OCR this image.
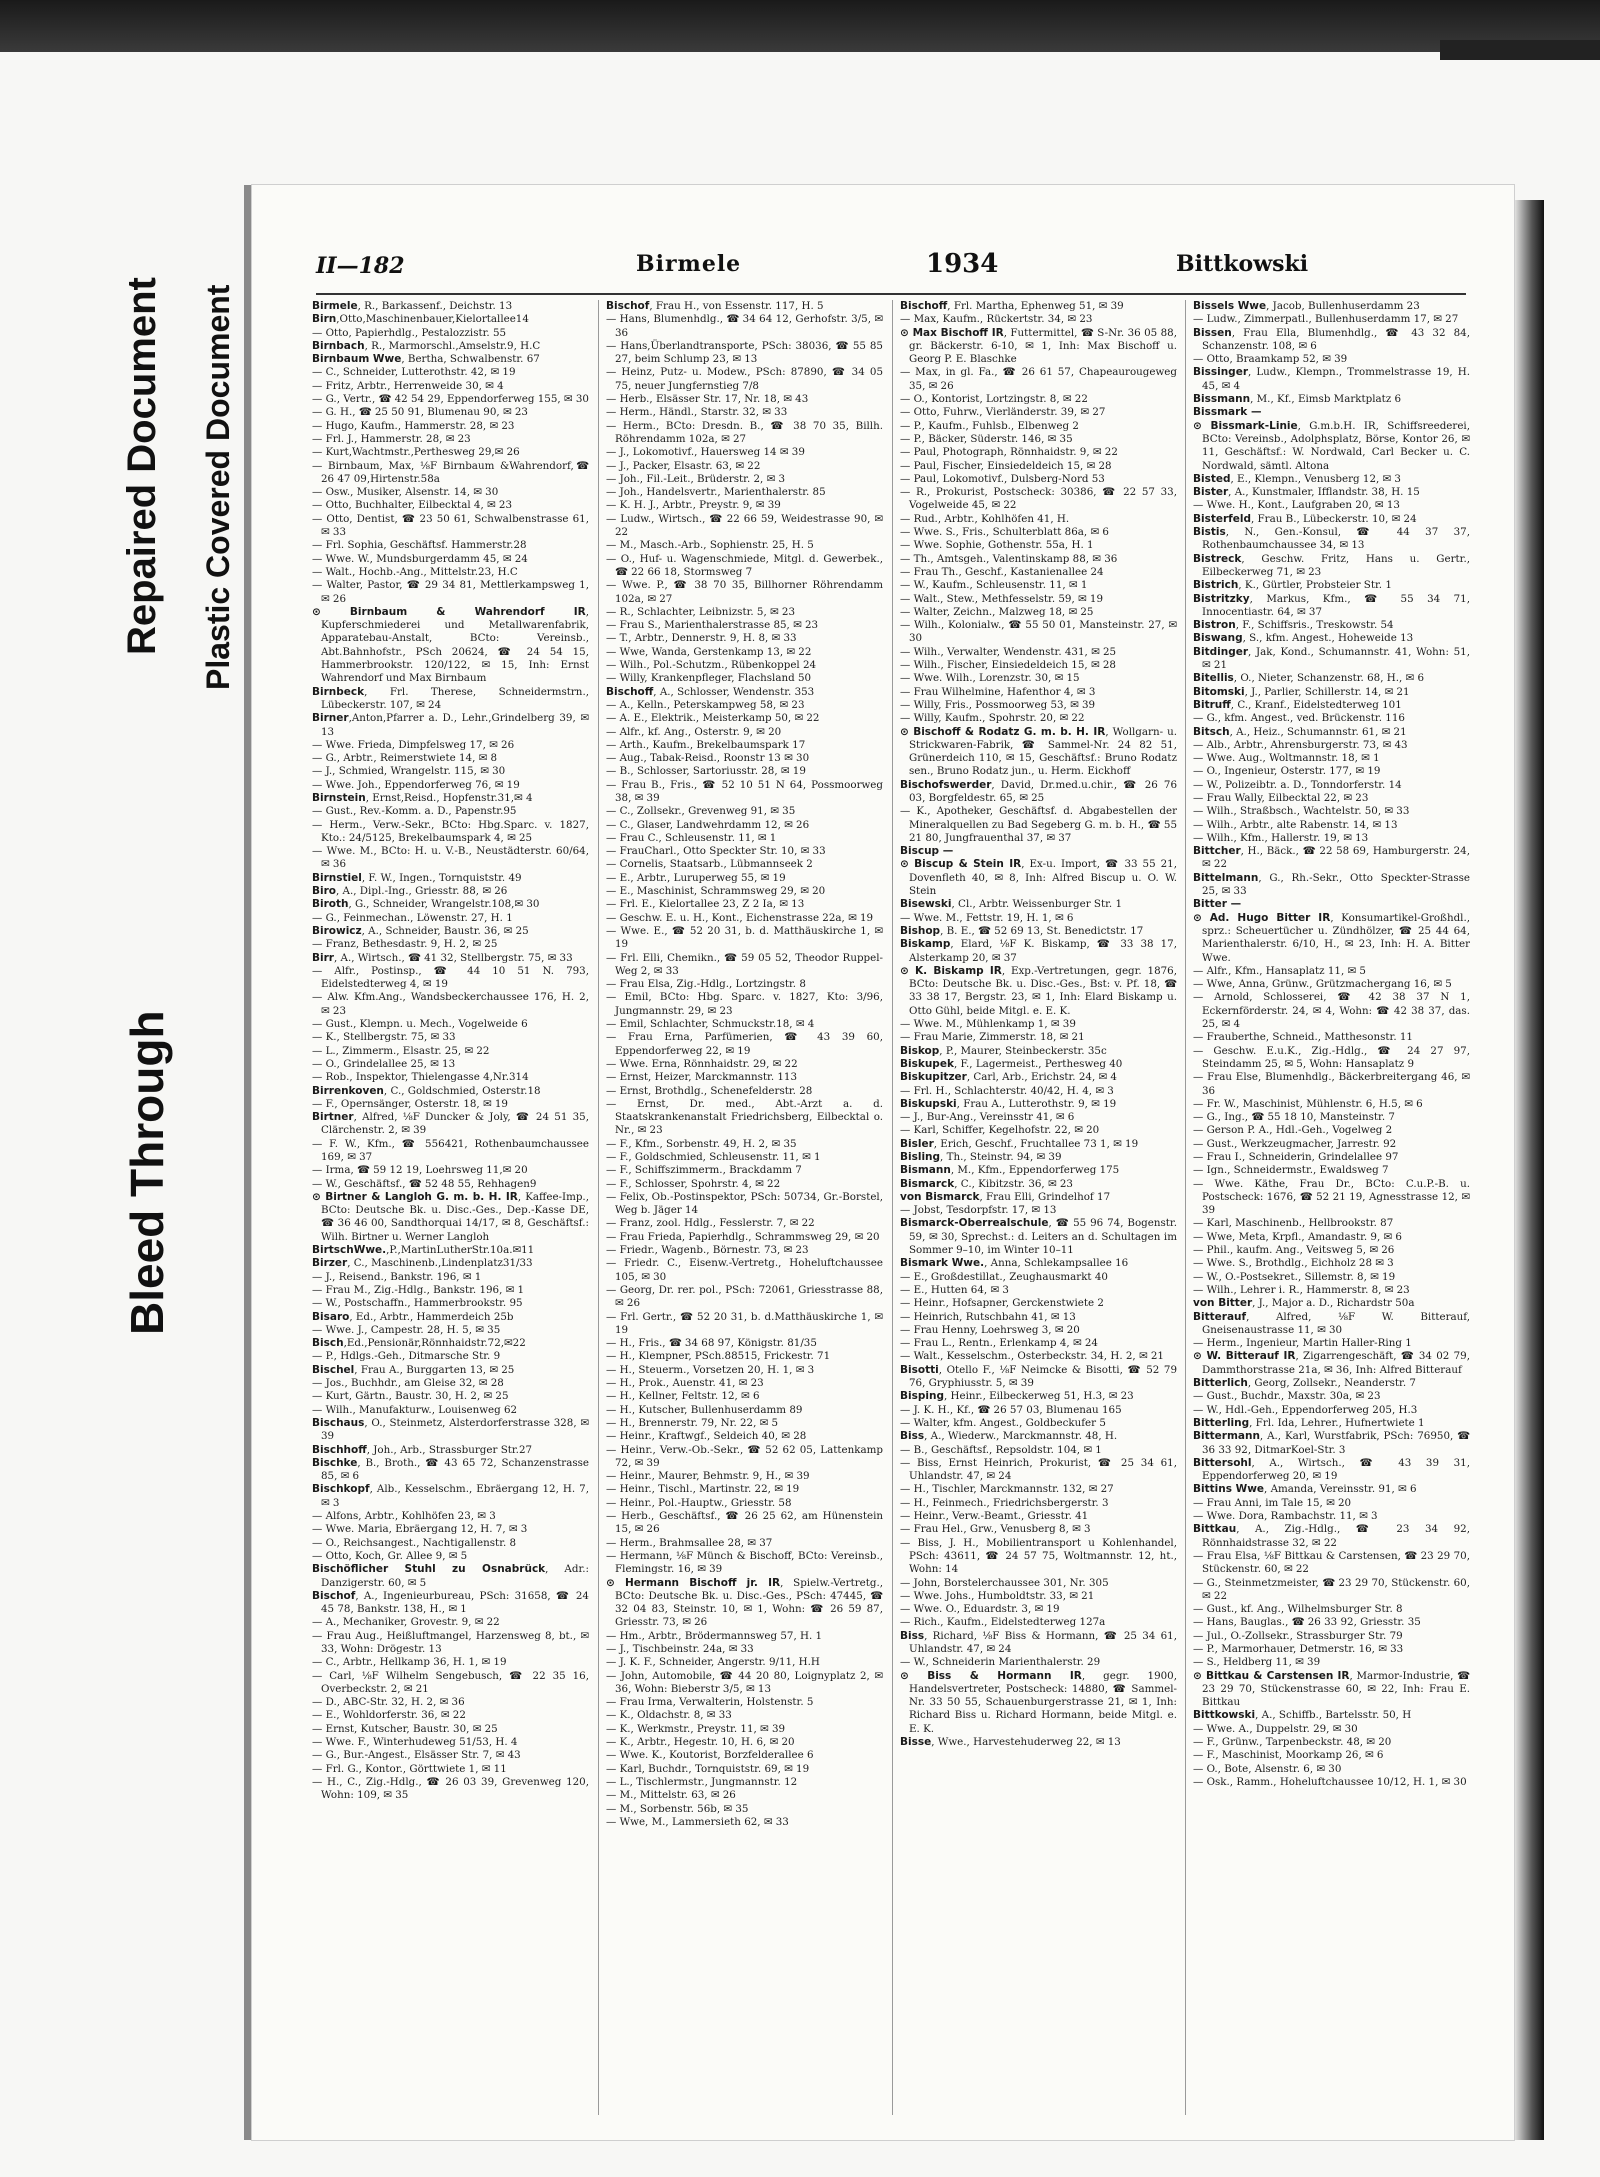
Bleed Through
Repaired Document Plastic Covered Document
II—182	Birmele	1934	Bittkowski

Birmele, R., Barkassenf., Deichstr. 13

Birn,Otto,Maschinenbauer,Kielortallee14

— Otto, Papierhdlg., Pestalozzistr. 55

Birnbach, R., Marmorschl.,Amselstr.9, H.C

Birnbaum Wwe, Bertha, Schwalbenstr. 67

— C., Schneider, Lutterothstr. 42, ✉ 19

— Fritz, Arbtr., Herrenweide 30, ✉ 4

— G., Vertr., ☎ 42 54 29, Eppendorferweg 155, ✉ 30

— G. H., ☎ 25 50 91, Blumenau 90, ✉ 23

— Hugo, Kaufm., Hammerstr. 28, ✉ 23

— Frl. J., Hammerstr. 28, ✉ 23

— Kurt,Wachtmstr.,Perthesweg 29,✉ 26

— Birnbaum, Max, ⅛F Birnbaum &Wahrendorf,☎ 26 47 09,Hirtenstr.58a

— Osw., Musiker, Alsenstr. 14, ✉ 30

— Otto, Buchhalter, Eilbecktal 4, ✉ 23

— Otto, Dentist, ☎ 23 50 61, Schwalbenstrasse 61, ✉ 33

— Frl. Sophia, Geschäftsf. Hammerstr.28

— Wwe. W., Mundsburgerdamm 45, ✉ 24

— Walt., Hochb.-Ang., Mittelstr.23, H.C

— Walter, Pastor, ☎ 29 34 81, Mettlerkampsweg 1, ✉ 26

⊙ Birnbaum & Wahrendorf IR, Kupferschmiederei und Metallwarenfabrik, Apparatebau-Anstalt, BCto: Vereinsb., Abt.Bahnhofstr., PSch 20624, ☎ 24 54 15, Hammerbrookstr. 120/122, ✉ 15, Inh: Ernst Wahrendorf und Max Birnbaum

Birnbeck, Frl. Therese, Schneidermstrn., Lübeckerstr. 107, ✉ 24

Birner,Anton,Pfarrer a. D., Lehr.,Grindelberg 39, ✉ 13

— Wwe. Frieda, Dimpfelsweg 17, ✉ 26

— G., Arbtr., Reimerstwiete 14, ✉ 8

— J., Schmied, Wrangelstr. 115, ✉ 30

— Wwe. Joh., Eppendorferweg 76, ✉ 19

Birnstein, Ernst,Reisd., Hopfenstr.31,✉ 4

— Gust., Rev.-Komm. a. D., Papenstr.95

— Herm., Verw.-Sekr., BCto: Hbg.Sparc. v. 1827, Kto.: 24/5125, Brekelbaumspark 4, ✉ 25

— Wwe. M., BCto: H. u. V.-B., Neustädterstr. 60/64, ✉ 36

Birnstiel, F. W., Ingen., Tornquiststr. 49

Biro, A., Dipl.-Ing., Griesstr. 88, ✉ 26

Biroth, G., Schneider, Wrangelstr.108,✉ 30

— G., Feinmechan., Löwenstr. 27, H. 1

Birowicz, A., Schneider, Baustr. 36, ✉ 25

— Franz, Bethesdastr. 9, H. 2, ✉ 25

Birr, A., Wirtsch., ☎ 41 32, Stellbergstr. 75, ✉ 33

— Alfr., Postinsp., ☎ 44 10 51 N. 793, Eidelstedterweg 4, ✉ 19

— Alw. Kfm.Ang., Wandsbeckerchaussee 176, H. 2, ✉ 23

— Gust., Klempn. u. Mech., Vogelweide 6

— K., Stellbergstr. 75, ✉ 33

— L., Zimmerm., Elsastr. 25, ✉ 22

— O., Grindelallee 25, ✉ 13

— Rob., Inspektor, Thielengasse 4,Nr.314

Birrenkoven, C., Goldschmied, Osterstr.18

— F., Opernsänger, Osterstr. 18, ✉ 19

Birtner, Alfred, ⅛F Duncker & Joly, ☎ 24 51 35, Clärchenstr. 2, ✉ 39

— F. W., Kfm., ☎ 556421, Rothenbaumchaussee 169, ✉ 37

— Irma, ☎ 59 12 19, Loehrsweg 11,✉ 20

— W., Geschäftsf., ☎ 52 48 55, Rehhagen9

⊙ Birtner & Langloh G. m. b. H. IR, Kaffee-Imp., BCto: Deutsche Bk. u. Disc.-Ges., Dep.-Kasse DE, ☎ 36 46 00, Sandthorquai 14/17, ✉ 8, Geschäftsf.: Wilh. Birtner u. Werner Langloh

BirtschWwe.,P.,MartinLutherStr.10a.✉11

Birzer, C., Maschinenb.,Lindenplatz31/33

— J., Reisend., Bankstr. 196, ✉ 1

— Frau M., Zig.-Hdlg., Bankstr. 196, ✉ 1

— W., Postschaffn., Hammerbrookstr. 95

Bisaro, Ed., Arbtr., Hammerdeich 25b

— Wwe. J., Campestr. 28, H. 5, ✉ 35

Bisch,Ed.,Pensionär,Rönnhaidstr.72,✉22

— P., Hdlgs.-Geh., Ditmarsche Str. 9

Bischel, Frau A., Burggarten 13, ✉ 25

— Jos., Buchhdr., am Gleise 32, ✉ 28

— Kurt, Gärtn., Baustr. 30, H. 2, ✉ 25

— Wilh., Manufakturw., Louisenweg 62

Bischaus, O., Steinmetz, Alsterdorferstrasse 328, ✉ 39

Bischhoff, Joh., Arb., Strassburger Str.27

Bischke, B., Broth., ☎ 43 65 72, Schanzenstrasse 85, ✉ 6

Bischkopf, Alb., Kesselschm., Ebräergang 12, H. 7, ✉ 3

— Alfons, Arbtr., Kohlhöfen 23, ✉ 3

— Wwe. Maria, Ebräergang 12, H. 7, ✉ 3

— O., Reichsangest., Nachtigallenstr. 8

— Otto, Koch, Gr. Allee 9, ✉ 5

Bischöflicher Stuhl zu Osnabrück, Adr.: Danzigerstr. 60, ✉ 5

Bischof, A., Ingenieurbureau, PSch: 31658, ☎ 24 45 78, Bankstr. 138, H., ✉ 1

— A., Mechaniker, Grovestr. 9, ✉ 22

— Frau Aug., Heißluftmangel, Harzensweg 8, bt., ✉ 33, Wohn: Drögestr. 13

— C., Arbtr., Hellkamp 36, H. 1, ✉ 19

— Carl, ⅛F Wilhelm Sengebusch, ☎ 22 35 16, Overbeckstr. 2, ✉ 21

— D., ABC-Str. 32, H. 2, ✉ 36

— E., Wohldorferstr. 36, ✉ 22

— Ernst, Kutscher, Baustr. 30, ✉ 25

— Wwe. F., Winterhudeweg 51/53, H. 4

— G., Bur.-Angest., Elsässer Str. 7, ✉ 43

— Frl. G., Kontor., Görttwiete 1, ✉ 11

— H., C., Zig.-Hdlg., ☎ 26 03 39, Grevenweg 120, Wohn: 109, ✉ 35

Bischof, Frau H., von Essenstr. 117, H. 5

— Hans, Blumenhdlg., ☎ 34 64 12, Gerhofstr. 3/5, ✉ 36

— Hans,Überlandtransporte, PSch: 38036, ☎ 55 85 27, beim Schlump 23, ✉ 13

— Heinz, Putz- u. Modew., PSch: 87890, ☎ 34 05 75, neuer Jungfernstieg 7/8

— Herb., Elsässer Str. 17, Nr. 18, ✉ 43

— Herm., Händl., Starstr. 32, ✉ 33

— Herm., BCto: Dresdn. B., ☎ 38 70 35, Billh. Röhrendamm 102a, ✉ 27

— J., Lokomotivf., Hauersweg 14 ✉ 39

— J., Packer, Elsastr. 63, ✉ 22

— Joh., Fil.-Leit., Brüderstr. 2, ✉ 3

— Joh., Handelsvertr., Marienthalerstr. 85

— K. H. J., Arbtr., Preystr. 9, ✉ 39

— Ludw., Wirtsch., ☎ 22 66 59, Weidestrasse 90, ✉ 22

— M., Masch.-Arb., Sophienstr. 25, H. 5

— O., Huf- u. Wagenschmiede, Mitgl. d. Gewerbek., ☎ 22 66 18, Stormsweg 7

— Wwe. P., ☎ 38 70 35, Billhorner Röhrendamm 102a, ✉ 27

— R., Schlachter, Leibnizstr. 5, ✉ 23

— Frau S., Marienthalerstrasse 85, ✉ 23

— T., Arbtr., Dennerstr. 9, H. 8, ✉ 33

— Wwe, Wanda, Gerstenkamp 13, ✉ 22

— Wilh., Pol.-Schutzm., Rübenkoppel 24

— Willy, Krankenpfleger, Flachsland 50

Bischoff, A., Schlosser, Wendenstr. 353

— A., Kelln., Peterskampweg 58, ✉ 23

— A. E., Elektrik., Meisterkamp 50, ✉ 22

— Alfr., kf. Ang., Osterstr. 9, ✉ 20

— Arth., Kaufm., Brekelbaumspark 17

— Aug., Tabak-Reisd., Roonstr 13 ✉ 30

— B., Schlosser, Sartoriusstr. 28, ✉ 19

— Frau B., Fris., ☎ 52 10 51 N 64, Possmoorweg 38, ✉ 39

— C., Zollsekr., Grevenweg 91, ✉ 35

— C., Glaser, Landwehrdamm 12, ✉ 26

— Frau C., Schleusenstr. 11, ✉ 1

— FrauCharl., Otto Speckter Str. 10, ✉ 33

— Cornelis, Staatsarb., Lübmannseek 2

— E., Arbtr., Luruperweg 55, ✉ 19

— E., Maschinist, Schrammsweg 29, ✉ 20

— Frl. E., Kielortallee 23, Z 2 Ia, ✉ 13

— Geschw. E. u. H., Kont., Eichenstrasse 22a, ✉ 19

— Wwe. E., ☎ 52 20 31, b. d. Matthäuskirche 1, ✉ 19

— Frl. Elli, Chemikn., ☎ 59 05 52, Theodor Ruppel-Weg 2, ✉ 33

— Frau Elsa, Zig.-Hdlg., Lortzingstr. 8

— Emil, BCto: Hbg. Sparc. v. 1827, Kto: 3/96, Jungmannstr. 29, ✉ 23

— Emil, Schlachter, Schmuckstr.18, ✉ 4

— Frau Erna, Parfümerien, ☎ 43 39 60, Eppendorferweg 22, ✉ 19

— Wwe. Erna, Rönnhaidstr. 29, ✉ 22

— Ernst, Heizer, Marckmannstr. 113

— Ernst, Brothdlg., Schenefelderstr. 28

— Ernst, Dr. med., Abt.-Arzt a. d. Staatskrankenanstalt Friedrichsberg, Eilbecktal o. Nr., ✉ 23

— F., Kfm., Sorbenstr. 49, H. 2, ✉ 35

— F., Goldschmied, Schleusenstr. 11, ✉ 1

— F., Schiffszimmerm., Brackdamm 7

— F., Schlosser, Spohrstr. 4, ✉ 22

— Felix, Ob.-Postinspektor, PSch: 50734, Gr.-Borstel, Weg b. Jäger 14

— Franz, zool. Hdlg., Fesslerstr. 7, ✉ 22

— Frau Frieda, Papierhdlg., Schrammsweg 29, ✉ 20

— Friedr., Wagenb., Börnestr. 73, ✉ 23

— Friedr. C., Eisenw.-Vertretg., Hoheluftchaussee 105, ✉ 30

— Georg, Dr. rer. pol., PSch: 72061, Griesstrasse 88, ✉ 26

— Frl. Gertr., ☎ 52 20 31, b. d.Matthäuskirche 1, ✉ 19

— H., Fris., ☎ 34 68 97, Königstr. 81/35

— H., Klempner, PSch.88515, Frickestr. 71

— H., Steuerm., Vorsetzen 20, H. 1, ✉ 3

— H., Prok., Auenstr. 41, ✉ 23

— H., Kellner, Feltstr. 12, ✉ 6

— H., Kutscher, Bullenhuserdamm 89

— H., Brennerstr. 79, Nr. 22, ✉ 5

— Heinr., Kraftwgf., Seldeich 40, ✉ 28

— Heinr., Verw.-Ob.-Sekr., ☎ 52 62 05, Lattenkamp 72, ✉ 39

— Heinr., Maurer, Behmstr. 9, H., ✉ 39

— Heinr., Tischl., Martinstr. 22, ✉ 19

— Heinr., Pol.-Hauptw., Griesstr. 58

— Herb., Geschäftsf., ☎ 26 25 62, am Hünenstein 15, ✉ 26

— Herm., Brahmsallee 28, ✉ 37

— Hermann, ⅛F Münch & Bischoff, BCto: Vereinsb., Flemingstr. 16, ✉ 39

⊙ Hermann Bischoff jr. IR, Spielw.-Vertretg., BCto: Deutsche Bk. u. Disc.-Ges., PSch: 47445, ☎ 32 04 83, Steinstr. 10, ✉ 1, Wohn: ☎ 26 59 87, Griesstr. 73, ✉ 26

— Hm., Arbtr., Brödermannsweg 57, H. 1

— J., Tischbeinstr. 24a, ✉ 33

— J. K. F., Schneider, Angerstr. 9/11, H.H

— John, Automobile, ☎ 44 20 80, Loignyplatz 2, ✉ 36, Wohn: Bieberstr 3/5, ✉ 13

— Frau Irma, Verwalterin, Holstenstr. 5

— K., Oldachstr. 8, ✉ 33

— K., Werkmstr., Preystr. 11, ✉ 39

— K., Arbtr., Hegestr. 10, H. 6, ✉ 20

— Wwe. K., Koutorist, Borzfelderallee 6

— Karl, Buchdr., Tornquiststr. 69, ✉ 19

— L., Tischlermstr., Jungmannstr. 12

— M., Mittelstr. 63, ✉ 26

— M., Sorbenstr. 56b, ✉ 35

— Wwe, M., Lammersieth 62, ✉ 33

Bischoff, Frl. Martha, Ephenweg 51, ✉ 39

— Max, Kaufm., Rückertstr. 34, ✉ 23

⊙ Max Bischoff IR, Futtermittel, ☎ S-Nr. 36 05 88, gr. Bäckerstr. 6-10, ✉ 1, Inh: Max Bischoff u. Georg P. E. Blaschke

— Max, in gl. Fa., ☎ 26 61 57, Chapeaurougeweg 35, ✉ 26

— O., Kontorist, Lortzingstr. 8, ✉ 22

— Otto, Fuhrw., Vierländerstr. 39, ✉ 27

— P., Kaufm., Fuhlsb., Elbenweg 2

— P., Bäcker, Süderstr. 146, ✉ 35

— Paul, Photograph, Rönnhaidstr. 9, ✉ 22

— Paul, Fischer, Einsiedeldeich 15, ✉ 28

— Paul, Lokomotivf., Dulsberg-Nord 53

— R., Prokurist, Postscheck: 30386, ☎ 22 57 33, Vogelweide 45, ✉ 22

— Rud., Arbtr., Kohlhöfen 41, H.

— Wwe. S., Fris., Schulterblatt 86a, ✉ 6

— Wwe. Sophie, Gothenstr. 55a, H. 1

— Th., Amtsgeh., Valentinskamp 88, ✉ 36

— Frau Th., Geschf., Kastanienallee 24

— W., Kaufm., Schleusenstr. 11, ✉ 1

— Walt., Stew., Methfesselstr. 59, ✉ 19

— Walter, Zeichn., Malzweg 18, ✉ 25

— Wilh., Kolonialw., ☎ 55 50 01, Mansteinstr. 27, ✉ 30

— Wilh., Verwalter, Wendenstr. 431, ✉ 25

— Wilh., Fischer, Einsiedeldeich 15, ✉ 28

— Wwe. Wilh., Lorenzstr. 30, ✉ 15

— Frau Wilhelmine, Hafenthor 4, ✉ 3

— Willy, Fris., Possmoorweg 53, ✉ 39

— Willy, Kaufm., Spohrstr. 20, ✉ 22

⊙ Bischoff & Rodatz G. m. b. H. IR, Wollgarn- u. Strickwaren-Fabrik, ☎ Sammel-Nr. 24 82 51, Grünerdeich 110, ✉ 15, Geschäftsf.: Bruno Rodatz sen., Bruno Rodatz jun., u. Herm. Eickhoff

Bischofswerder, David, Dr.med.u.chir., ☎ 26 76 03, Borgfeldestr. 65, ✉ 25

— K., Apotheker, Geschäftsf. d. Abgabestellen der Mineralquellen zu Bad Segeberg G. m. b. H., ☎ 55 21 80, Jungfrauenthal 37, ✉ 37

Biscup —

⊙ Biscup & Stein IR, Ex-u. Import, ☎ 33 55 21, Dovenfleth 40, ✉ 8, Inh: Alfred Biscup u. O. W. Stein

Bisewski, Cl., Arbtr. Weissenburger Str. 1

— Wwe. M., Fettstr. 19, H. 1, ✉ 6

Bishop, B. E., ☎ 52 69 13, St. Benedictstr. 17

Biskamp, Elard, ⅛F K. Biskamp, ☎ 33 38 17, Alsterkamp 20, ✉ 37

⊙ K. Biskamp IR, Exp.-Vertretungen, gegr. 1876, BCto: Deutsche Bk. u. Disc.-Ges., Bst: v. Pf. 18, ☎ 33 38 17, Bergstr. 23, ✉ 1, Inh: Elard Biskamp u. Otto Gühl, beide Mitgl. e. E. K.

— Wwe. M., Mühlenkamp 1, ✉ 39

— Frau Marie, Zimmerstr. 18, ✉ 21

Biskop, P., Maurer, Steinbeckerstr. 35c

Biskupek, F., Lagermeist., Perthesweg 40

Biskupitzer, Carl, Arb., Erichstr. 24, ✉ 4

— Frl. H., Schlachterstr. 40/42, H. 4, ✉ 3

Biskupski, Frau A., Lutterothstr. 9, ✉ 19

— J., Bur-Ang., Vereinsstr 41, ✉ 6

— Karl, Schiffer, Kegelhofstr. 22, ✉ 20

Bisler, Erich, Geschf., Fruchtallee 73 1, ✉ 19

Bisling, Th., Steinstr. 94, ✉ 39

Bismann, M., Kfm., Eppendorferweg 175

Bismarck, C., Kibitzstr. 36, ✉ 23

von Bismarck, Frau Elli, Grindelhof 17

— Jobst, Tesdorpfstr. 17, ✉ 13

Bismarck-Oberrealschule, ☎ 55 96 74, Bogenstr. 59, ✉ 30, Sprechst.: d. Leiters an d. Schultagen im Sommer 9–10, im Winter 10–11

Bismark Wwe., Anna, Schlekampsallee 16

— E., Großdestillat., Zeughausmarkt 40

— E., Hutten 64, ✉ 3

— Heinr., Hofsapner, Gerckenstwiete 2

— Heinrich, Rutschbahn 41, ✉ 13

— Frau Henny, Loehrsweg 3, ✉ 20

— Frau L., Rentn., Erlenkamp 4, ✉ 24

— Walt., Kesselschm., Osterbeckstr. 34, H. 2, ✉ 21

Bisotti, Otello F., ⅛F Neimcke & Bisotti, ☎ 52 79 76, Gryphiusstr. 5, ✉ 39

Bisping, Heinr., Eilbeckerweg 51, H.3, ✉ 23

— J. K. H., Kf., ☎ 26 57 03, Blumenau 165

— Walter, kfm. Angest., Goldbeckufer 5

Biss, A., Wiederw., Marckmannstr. 48, H.

— B., Geschäftsf., Repsoldstr. 104, ✉ 1

— Biss, Ernst Heinrich, Prokurist, ☎ 25 34 61, Uhlandstr. 47, ✉ 24

— H., Tischler, Marckmannstr. 132, ✉ 27

— H., Feinmech., Friedrichsbergerstr. 3

— Heinr., Verw.-Beamt., Griesstr. 41

— Frau Hel., Grw., Venusberg 8, ✉ 3

— Biss, J. H., Mobilientransport u Kohlenhandel, PSch: 43611, ☎ 24 57 75, Woltmannstr. 12, ht., Wohn: 14

— John, Borstelerchaussee 301, Nr. 305

— Wwe. Johs., Humboldtstr. 33, ✉ 21

— Wwe. O., Eduardstr. 3, ✉ 19

— Rich., Kaufm., Eidelstedterweg 127a

Biss, Richard, ⅛F Biss & Hormann, ☎ 25 34 61, Uhlandstr. 47, ✉ 24

— W., Schneiderin Marienthalerstr. 29

⊙ Biss & Hormann IR, gegr. 1900, Handelsvertreter, Postscheck: 14880, ☎ Sammel-Nr. 33 50 55, Schauenburgerstrasse 21, ✉ 1, Inh: Richard Biss u. Richard Hormann, beide Mitgl. e. E. K.

Bisse, Wwe., Harvestehuderweg 22, ✉ 13

Bissels Wwe, Jacob, Bullenhuserdamm 23

— Ludw., Zimmerpatl., Bullenhuserdamm 17, ✉ 27

Bissen, Frau Ella, Blumenhdlg., ☎ 43 32 84, Schanzenstr. 108, ✉ 6

— Otto, Braamkamp 52, ✉ 39

Bissinger, Ludw., Klempn., Trommelstrasse 19, H. 45, ✉ 4

Bissmann, M., Kf., Eimsb Marktplatz 6

Bissmark —

⊙ Bissmark-Linie, G.m.b.H. IR, Schiffsreederei, BCto: Vereinsb., Adolphsplatz, Börse, Kontor 26, ✉ 11, Geschäftsf.: W. Nordwald, Carl Becker u. C. Nordwald, sämtl. Altona

Bisted, E., Klempn., Venusberg 12, ✉ 3

Bister, A., Kunstmaler, Ifflandstr. 38, H. 15

— Wwe. H., Kont., Laufgraben 20, ✉ 13

Bisterfeld, Frau B., Lübeckerstr. 10, ✉ 24

Bistis, N., Gen.-Konsul, ☎ 44 37 37, Rothenbaumchaussee 34, ✉ 13

Bistreck, Geschw. Fritz, Hans u. Gertr., Eilbeckerweg 71, ✉ 23

Bistrich, K., Gürtler, Probsteier Str. 1

Bistritzky, Markus, Kfm., ☎ 55 34 71, Innocentiastr. 64, ✉ 37

Bistron, F., Schiffsris., Treskowstr. 54

Biswang, S., kfm. Angest., Hoheweide 13

Bitdinger, Jak, Kond., Schumannstr. 41, Wohn: 51, ✉ 21

Bitellis, O., Nieter, Schanzenstr. 68, H., ✉ 6

Bitomski, J., Parlier, Schillerstr. 14, ✉ 21

Bitruff, C., Kranf., Eidelstedterweg 101

— G., kfm. Angest., ved. Brückenstr. 116

Bitsch, A., Heiz., Schumannstr. 61, ✉ 21

— Alb., Arbtr., Ahrensburgerstr. 73, ✉ 43

— Wwe. Aug., Woltmannstr. 18, ✉ 1

— O., Ingenieur, Osterstr. 177, ✉ 19

— W., Polizeibtr. a. D., Tonndorferstr. 14

— Frau Wally, Eilbecktal 22, ✉ 23

— Wilh., Straßbsch., Wachtelstr. 50, ✉ 33

— Wilh., Arbtr., alte Rabenstr. 14, ✉ 13

— Wilh., Kfm., Hallerstr. 19, ✉ 13

Bittcher, H., Bäck., ☎ 22 58 69, Hamburgerstr. 24, ✉ 22

Bittelmann, G., Rh.-Sekr., Otto Speckter-Strasse 25, ✉ 33

Bitter —

⊙ Ad. Hugo Bitter IR, Konsumartikel-Großhdl., sprz.: Scheuertücher u. Zündhölzer, ☎ 25 44 64, Marienthalerstr. 6/10, H., ✉ 23, Inh: H. A. Bitter Wwe.

— Alfr., Kfm., Hansaplatz 11, ✉ 5

— Wwe, Anna, Grünw., Grützmachergang 16, ✉ 5

— Arnold, Schlosserei, ☎ 42 38 37 N 1, Eckernförderstr. 24, ✉ 4, Wohn: ☎ 42 38 37, das. 25, ✉ 4

— Frauberthe, Schneid., Matthesonstr. 11

— Geschw. E.u.K., Zig.-Hdlg., ☎ 24 27 97, Steindamm 25, ✉ 5, Wohn: Hansaplatz 9

— Frau Else, Blumenhdlg., Bäckerbreitergang 46, ✉ 36

— Fr. W., Maschinist, Mühlenstr. 6, H.5, ✉ 6

— G., Ing., ☎ 55 18 10, Mansteinstr. 7

— Gerson P. A., Hdl.-Geh., Vogelweg 2

— Gust., Werkzeugmacher, Jarrestr. 92

— Frau I., Schneiderin, Grindelallee 97

— Ign., Schneidermstr., Ewaldsweg 7

— Wwe. Käthe, Frau Dr., BCto: C.u.P.-B. u. Postscheck: 1676, ☎ 52 21 19, Agnesstrasse 12, ✉ 39

— Karl, Maschinenb., Hellbrookstr. 87

— Wwe, Meta, Krpfl., Amandastr. 9, ✉ 6

— Phil., kaufm. Ang., Veitsweg 5, ✉ 26

— Wwe. S., Brothdlg., Eichholz 28 ✉ 3

— W., O.-Postsekret., Sillemstr. 8, ✉ 19

— Wilh., Lehrer i. R., Hammerstr. 8, ✉ 23

von Bitter, J., Major a. D., Richardstr 50a

Bitterauf, Alfred, ⅛F W. Bitterauf, Gneisenaustrasse 11, ✉ 30

— Herm., Ingenieur, Martin Haller-Ring 1

⊙ W. Bitterauf IR, Zigarrengeschäft, ☎ 34 02 79, Dammthorstrasse 21a, ✉ 36, Inh: Alfred Bitterauf

Bitterlich, Georg, Zollsekr., Neanderstr. 7

— Gust., Buchdr., Maxstr. 30a, ✉ 23

— W., Hdl.-Geh., Eppendorferweg 205, H.3

Bitterling, Frl. Ida, Lehrer., Hufnertwiete 1

Bittermann, A., Karl, Wurstfabrik, PSch: 76950, ☎ 36 33 92, DitmarKoel-Str. 3

Bittersohl, A., Wirtsch., ☎ 43 39 31, Eppendorferweg 20, ✉ 19

Bittins Wwe, Amanda, Vereinsstr. 91, ✉ 6

— Frau Anni, im Tale 15, ✉ 20

— Wwe. Dora, Rambachstr. 11, ✉ 3

Bittkau, A., Zig.-Hdlg., ☎ 23 34 92, Rönnhaidstrasse 32, ✉ 22

— Frau Elsa, ⅛F Bittkau & Carstensen, ☎ 23 29 70, Stückenstr. 60, ✉ 22

— G., Steinmetzmeister, ☎ 23 29 70, Stückenstr. 60, ✉ 22

— Gust., kf. Ang., Wilhelmsburger Str. 8

— Hans, Bauglas., ☎ 26 33 92, Griesstr. 35

— Jul., O.-Zollsekr., Strassburger Str. 79

— P., Marmorhauer, Detmerstr. 16, ✉ 33

— S., Heldberg 11, ✉ 39

⊙ Bittkau & Carstensen IR, Marmor-Industrie, ☎ 23 29 70, Stückenstrasse 60, ✉ 22, Inh: Frau E. Bittkau

Bittkowski, A., Schiffb., Bartelsstr. 50, H

— Wwe. A., Duppelstr. 29, ✉ 30

— F., Grünw., Tarpenbeckstr. 48, ✉ 20

— F., Maschinist, Moorkamp 26, ✉ 6

— O., Bote, Alsenstr. 6, ✉ 30

— Osk., Ramm., Hoheluftchaussee 10/12, H. 1, ✉ 30
